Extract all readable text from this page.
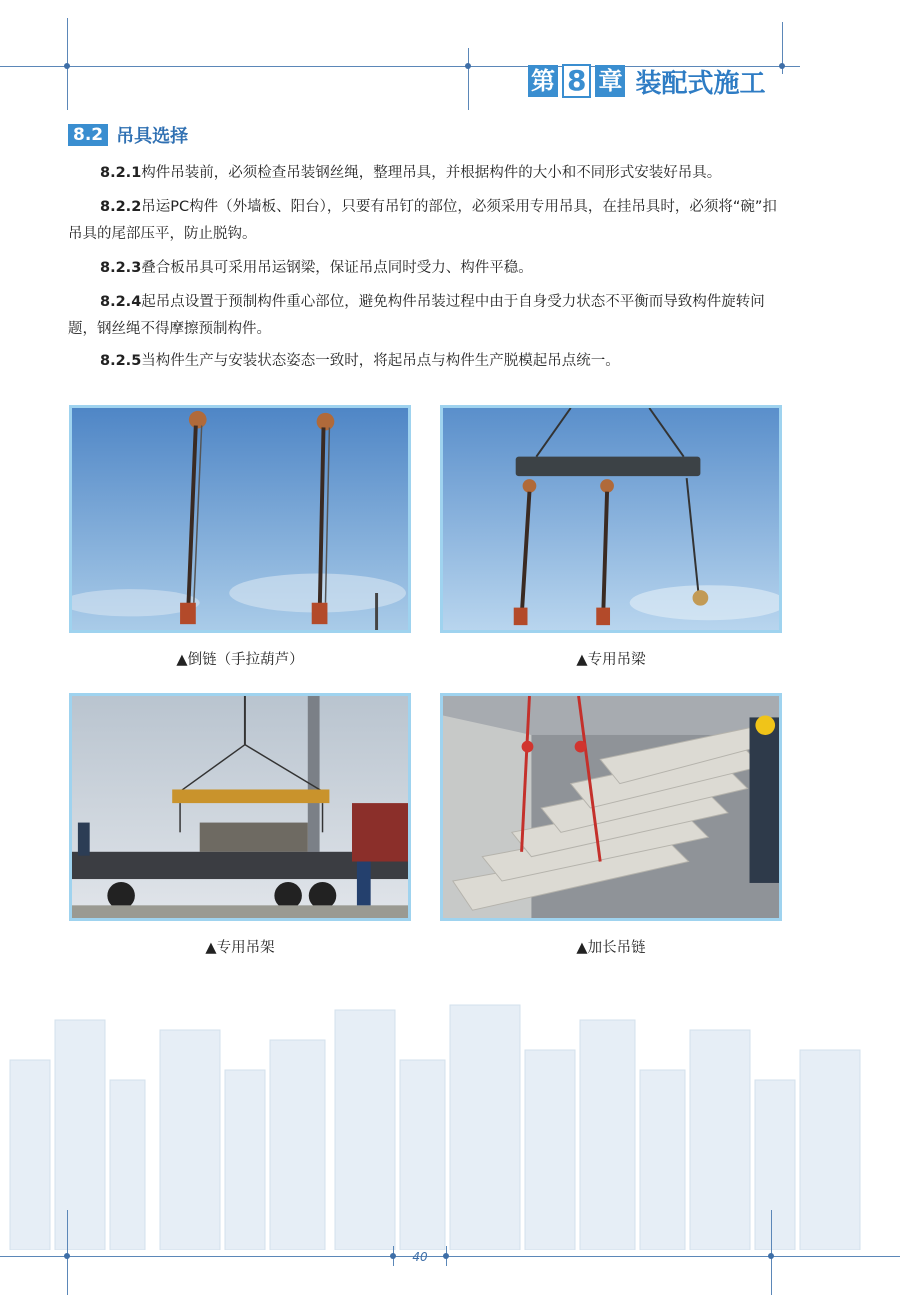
第 8 章 装配式施工
8.2 吊具选择
8.2.1构件吊装前，必须检查吊装钢丝绳，整理吊具，并根据构件的大小和不同形式安装好吊具。
8.2.2吊运PC构件（外墙板、阳台），只要有吊钉的部位，必须采用专用吊具，在挂吊具时，必须将“碗”扣吊具的尾部压平，防止脱钩。
8.2.3叠合板吊具可采用吊运钢梁，保证吊点同时受力、构件平稳。
8.2.4起吊点设置于预制构件重心部位，避免构件吊装过程中由于自身受力状态不平衡而导致构件旋转问题，钢丝绳不得摩擦预制构件。
8.2.5当构件生产与安装状态姿态一致时，将起吊点与构件生产脱模起吊点统一。
▲倒链（手拉葫芦）	▲专用吊梁
▲专用吊架	▲加长吊链
40
